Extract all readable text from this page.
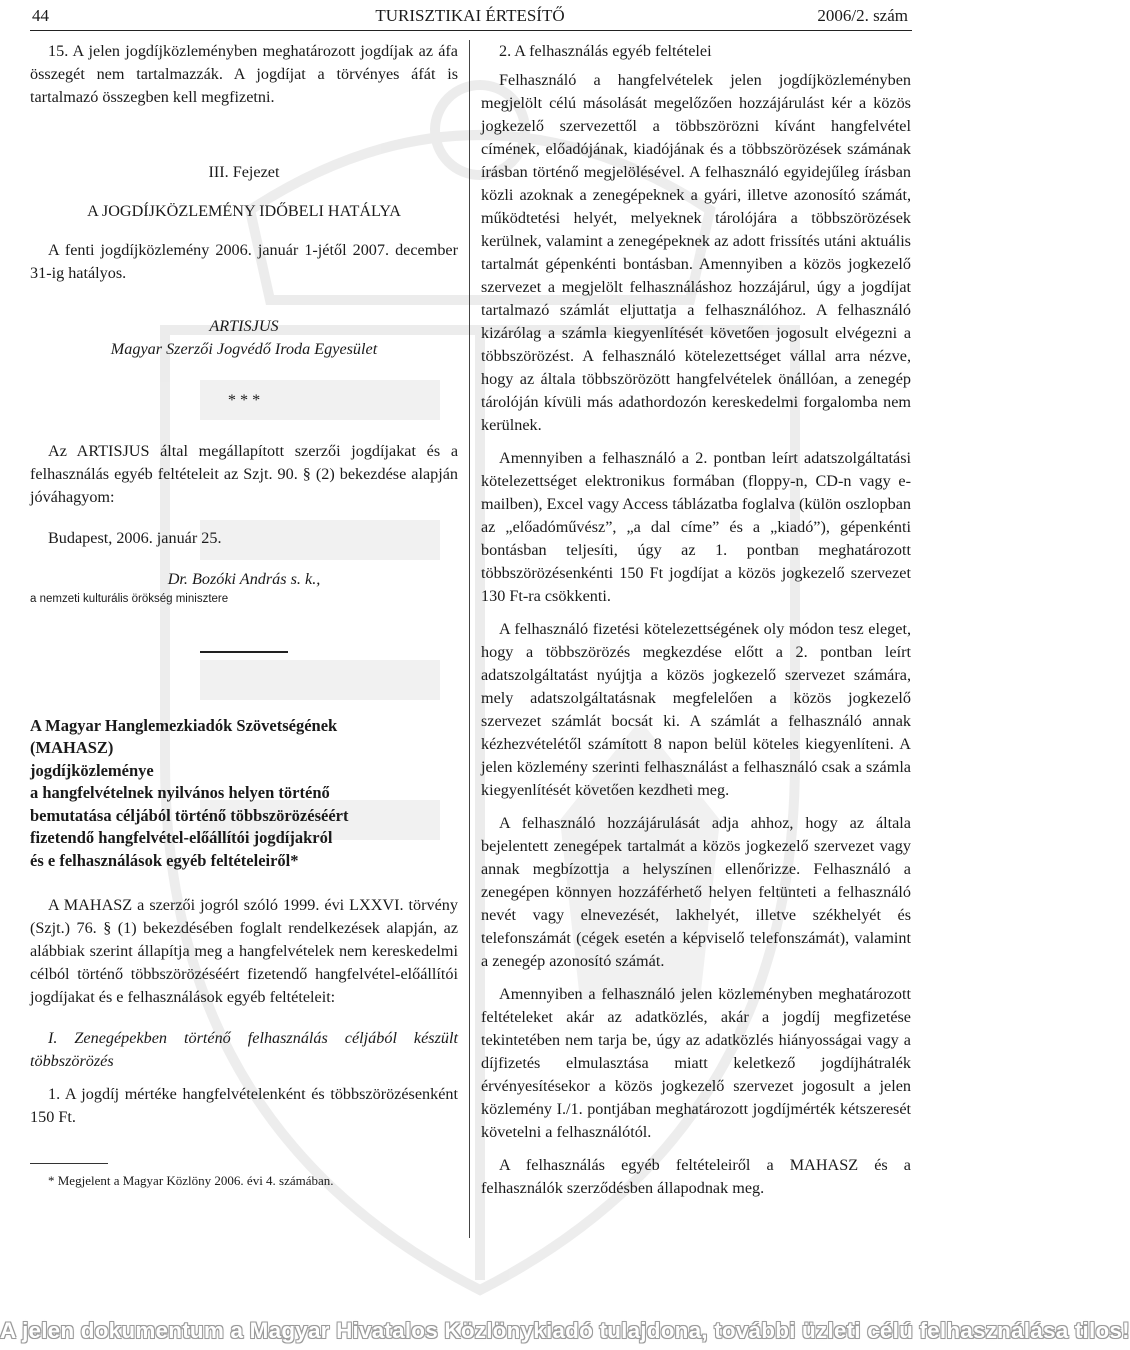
44	TURISZTIKAI ÉRTESÍTŐ	2006/2. szám

15. A jelen jogdíjközleményben meghatározott jogdíjak az áfa összegét nem tartalmazzák. A jogdíjat a törvényes áfát is tartalmazó összegben kell megfizetni.

III. Fejezet

A JOGDÍJKÖZLEMÉNY IDŐBELI HATÁLYA

A fenti jogdíjközlemény 2006. január 1-jétől 2007. december 31-ig hatályos.

ARTISJUS

Magyar Szerzői Jogvédő Iroda Egyesület

* * *

Az ARTISJUS által megállapított szerzői jogdíjakat és a felhasználás egyéb feltételeit az Szjt. 90. § (2) bekezdése alapján jóváhagyom:

Budapest, 2006. január 25.

Dr. Bozóki András s. k.,

a nemzeti kulturális örökség minisztere

A Magyar Hanglemezkiadók Szövetségének

(MAHASZ)

jogdíjközleménye

a hangfelvételnek nyilvános helyen történő

bemutatása céljából történő többszörözéséért

fizetendő hangfelvétel-előállítói jogdíjakról

és e felhasználások egyéb feltételeiről*

A MAHASZ a szerzői jogról szóló 1999. évi LXXVI. törvény (Szjt.) 76. § (1) bekezdésében foglalt rendelkezések alapján, az alábbiak szerint állapítja meg a hangfelvételek nem kereskedelmi célból történő többszörözéséért fizetendő hangfelvétel-előállítói jogdíjakat és e felhasználások egyéb feltételeit:

I. Zenegépekben történő felhasználás céljából készült többszörözés

1. A jogdíj mértéke hangfelvételenként és többszörözésenként 150 Ft.

* Megjelent a Magyar Közlöny 2006. évi 4. számában.

2. A felhasználás egyéb feltételei

Felhasználó a hangfelvételek jelen jogdíjközleményben megjelölt célú másolását megelőzően hozzájárulást kér a közös jogkezelő szervezettől a többszörözni kívánt hangfelvétel címének, előadójának, kiadójának és a többszörözések számának írásban történő megjelölésével. A felhasználó egyidejűleg írásban közli azoknak a zenegépeknek a gyári, illetve azonosító számát, működtetési helyét, melyeknek tárolójára a többszörözések kerülnek, valamint a zenegépeknek az adott frissítés utáni aktuális tartalmát gépenkénti bontásban. Amennyiben a közös jogkezelő szervezet a megjelölt felhasználáshoz hozzájárul, úgy a jogdíjat tartalmazó számlát eljuttatja a felhasználóhoz. A felhasználó kizárólag a számla kiegyenlítését követően jogosult elvégezni a többszörözést. A felhasználó kötelezettséget vállal arra nézve, hogy az általa többszörözött hangfelvételek önállóan, a zenegép tárolóján kívüli más adathordozón kereskedelmi forgalomba nem kerülnek.

Amennyiben a felhasználó a 2. pontban leírt adatszolgáltatási kötelezettséget elektronikus formában (floppy-n, CD-n vagy e-mailben), Excel vagy Access táblázatba foglalva (külön oszlopban az „előadóművész”, „a dal címe” és a „kiadó”), gépenkénti bontásban teljesíti, úgy az 1. pontban meghatározott többszörözésenkénti 150 Ft jogdíjat a közös jogkezelő szervezet 130 Ft-ra csökkenti.

A felhasználó fizetési kötelezettségének oly módon tesz eleget, hogy a többszörözés megkezdése előtt a 2. pontban leírt adatszolgáltatást nyújtja a közös jogkezelő szervezet számára, mely adatszolgáltatásnak megfelelően a közös jogkezelő szervezet számlát bocsát ki. A számlát a felhasználó annak kézhezvételétől számított 8 napon belül köteles kiegyenlíteni. A jelen közlemény szerinti felhasználást a felhasználó csak a számla kiegyenlítését követően kezdheti meg.

A felhasználó hozzájárulását adja ahhoz, hogy az általa bejelentett zenegépek tartalmát a közös jogkezelő szervezet vagy annak megbízottja a helyszínen ellenőrizze. Felhasználó a zenegépen könnyen hozzáférhető helyen feltünteti a felhasználó nevét vagy elnevezését, lakhelyét, illetve székhelyét és telefonszámát (cégek esetén a képviselő telefonszámát), valamint a zenegép azonosító számát.

Amennyiben a felhasználó jelen közleményben meghatározott feltételeket akár az adatközlés, akár a jogdíj megfizetése tekintetében nem tarja be, úgy az adatközlés hiányosságai vagy a díjfizetés elmulasztása miatt keletkező jogdíjhátralék érvényesítésekor a közös jogkezelő szervezet jogosult a jelen közlemény I./1. pontjában meghatározott jogdíjmérték kétszeresét követelni a felhasználótól.

A felhasználás egyéb feltételeiről a MAHASZ és a felhasználók szerződésben állapodnak meg.

A jelen dokumentum a Magyar Hivatalos Közlönykiadó tulajdona, további üzleti célú felhasználása tilos!
